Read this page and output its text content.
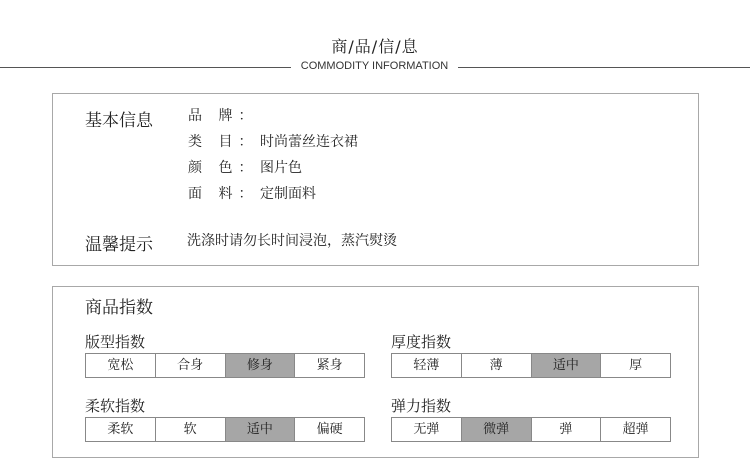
商/品/信/息
COMMODITY INFORMATION
基本信息	品 牌：
类 目： 时尚蕾丝连衣裙
颜 色： 图片色
面 料： 定制面料
温馨提示 洗涤时请勿长时间浸泡，蒸汽熨烫
商品指数
版型指数
宽松	合身	修身	紧身
厚度指数
轻薄	薄	适中	厚
柔软指数
柔软	软	适中	偏硬
弹力指数
无弹	微弹	弹	超弹
